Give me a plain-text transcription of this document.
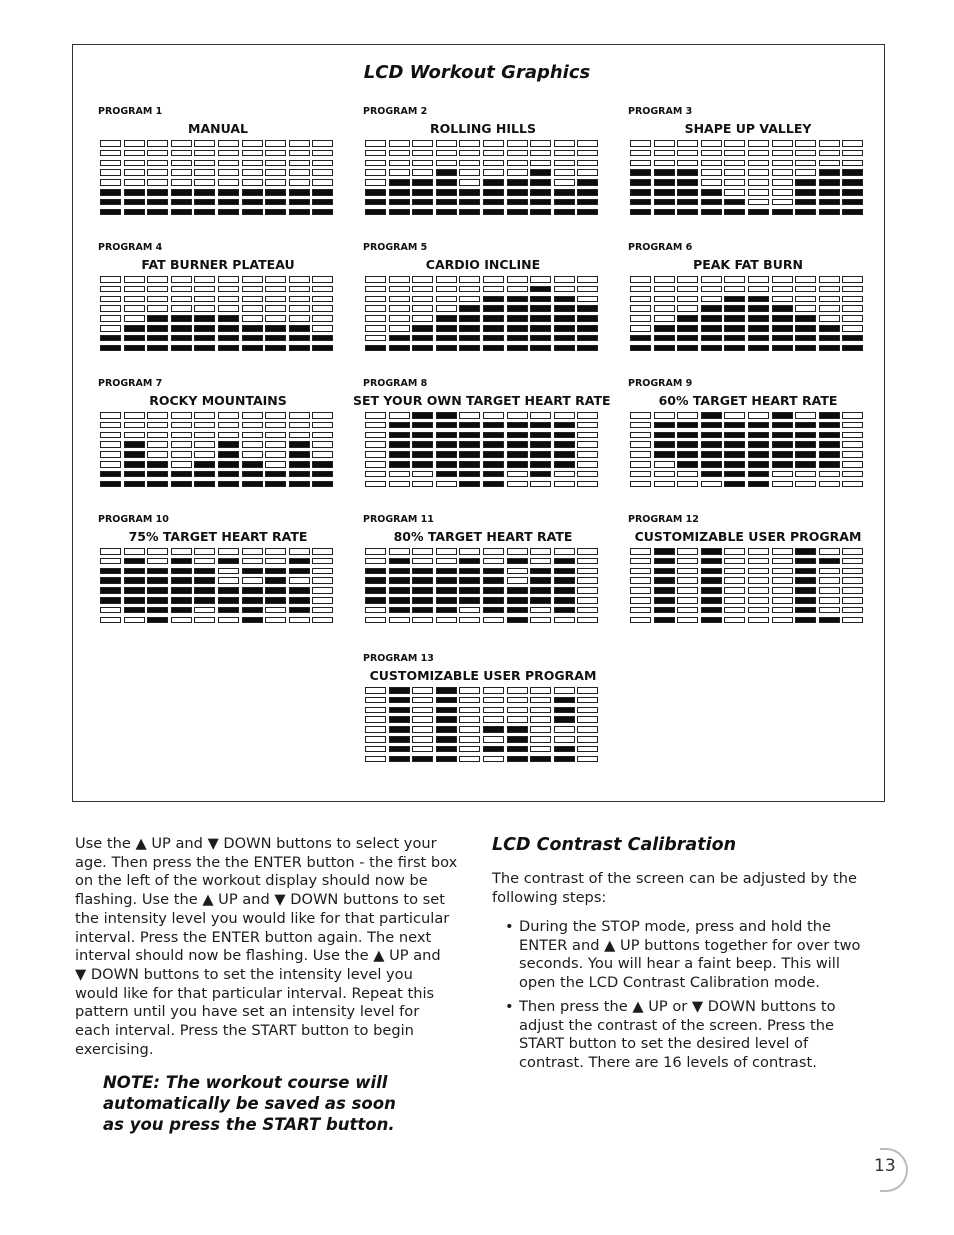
LCD Workout Graphics
PROGRAM 1
MANUAL
PROGRAM 2
ROLLING HILLS
PROGRAM 3
SHAPE UP VALLEY
PROGRAM 4
FAT BURNER PLATEAU
PROGRAM 5
CARDIO INCLINE
PROGRAM 6
PEAK FAT BURN
PROGRAM 7
ROCKY MOUNTAINS
PROGRAM 8
SET YOUR OWN TARGET HEART RATE
PROGRAM 9
60% TARGET HEART RATE
PROGRAM 10
75% TARGET HEART RATE
PROGRAM 11
80% TARGET HEART RATE
PROGRAM 12
CUSTOMIZABLE USER PROGRAM
PROGRAM 13
CUSTOMIZABLE USER PROGRAM
Use the ▲ UP and ▼ DOWN buttons to select your
age. Then press the the ENTER button - the first box
on the left of the workout display should now be
flashing. Use the ▲ UP and ▼ DOWN buttons to set
the intensity level you would like for that particular
interval. Press the ENTER button again. The next
interval should now be flashing. Use the ▲ UP and
▼ DOWN buttons to set the intensity level you
would like for that particular interval. Repeat this
pattern until you have set an intensity level for
each interval. Press the START button to begin
exercising.
NOTE: The workout course will
automatically be saved as soon
as you press the START button.
LCD Contrast Calibration
The contrast of the screen can be adjusted by the
following steps:
• During the STOP mode, press and hold the
ENTER and ▲ UP buttons together for over two
seconds. You will hear a faint beep. This will
open the LCD Contrast Calibration mode.
• Then press the ▲ UP or ▼ DOWN buttons to
adjust the contrast of the screen. Press the
START button to set the desired level of
contrast. There are 16 levels of contrast.
13
